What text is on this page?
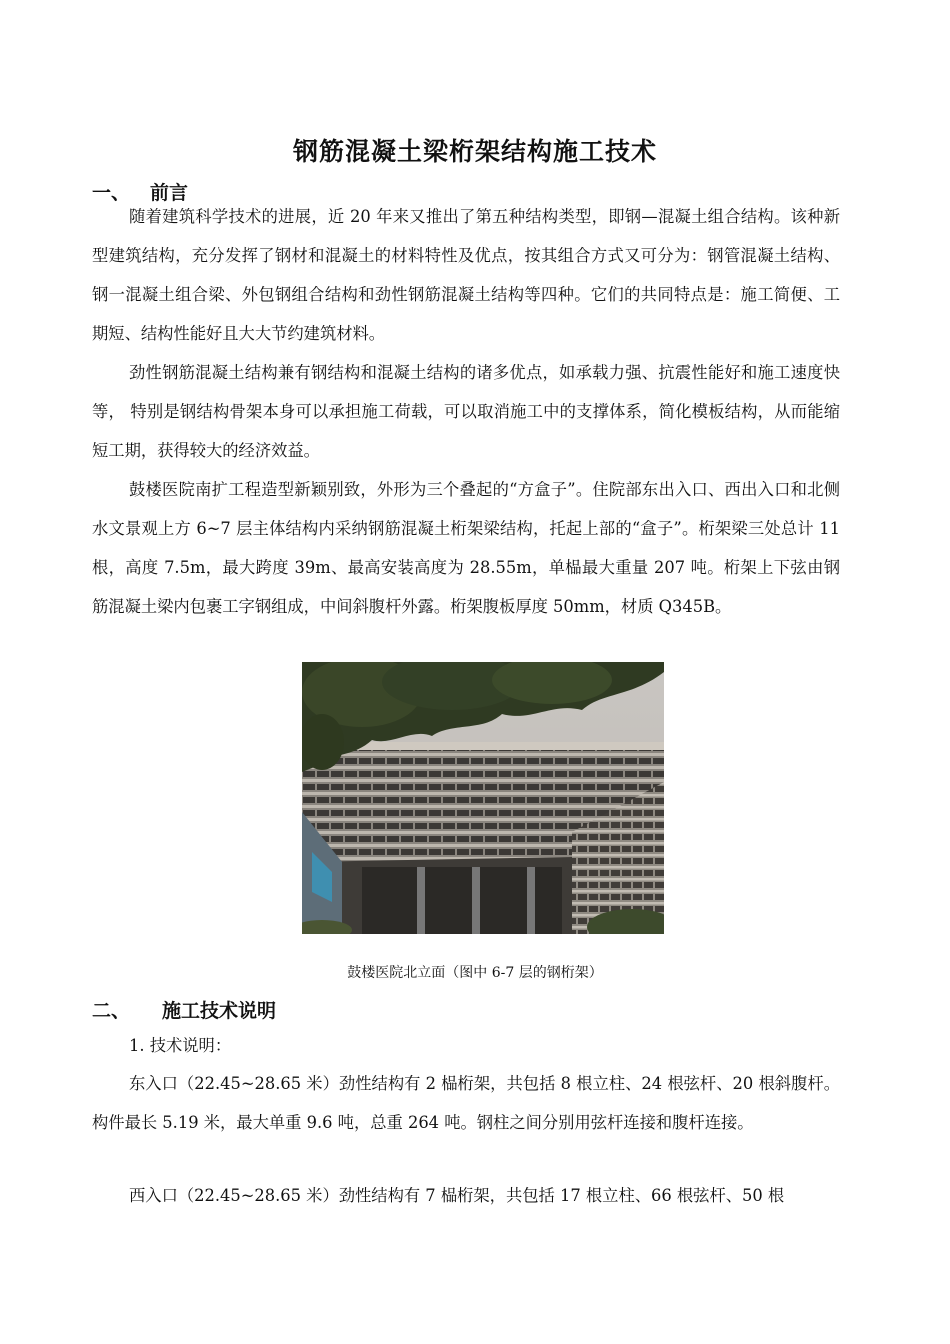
钢筋混凝土梁桁架结构施工技术
一、 前言

随着建筑科学技术的进展，近 20 年来又推出了第五种结构类型，即钢—混凝土组合结构。该种新型建筑结构，充分发挥了钢材和混凝土的材料特性及优点，按其组合方式又可分为：钢管混凝土结构、钢一混凝土组合梁、外包钢组合结构和劲性钢筋混凝土结构等四种。它们的共同特点是：施工简便、工期短、结构性能好且大大节约建筑材料。

劲性钢筋混凝土结构兼有钢结构和混凝土结构的诸多优点，如承载力强、抗震性能好和施工速度快等， 特别是钢结构骨架本身可以承担施工荷载，可以取消施工中的支撑体系，简化模板结构，从而能缩短工期，获得较大的经济效益。

鼓楼医院南扩工程造型新颖别致，外形为三个叠起的“方盒子”。住院部东出入口、西出入口和北侧水文景观上方 6~7 层主体结构内采纳钢筋混凝土桁架梁结构，托起上部的“盒子”。桁架梁三处总计 11 根，高度 7.5m，最大跨度 39m、最高安装高度为 28.55m，单榀最大重量 207 吨。桁架上下弦由钢筋混凝土梁内包裹工字钢组成，中间斜腹杆外露。桁架腹板厚度 50mm，材质 Q345B。

鼓楼医院北立面（图中 6-7 层的钢桁架）

二、 施工技术说明

1. 技术说明：

东入口（22.45~28.65 米）劲性结构有 2 榀桁架，共包括 8 根立柱、24 根弦杆、20 根斜腹杆。构件最长 5.19 米，最大单重 9.6 吨，总重 264 吨。钢柱之间分别用弦杆连接和腹杆连接。

西入口（22.45~28.65 米）劲性结构有 7 榀桁架，共包括 17 根立柱、66 根弦杆、50 根
